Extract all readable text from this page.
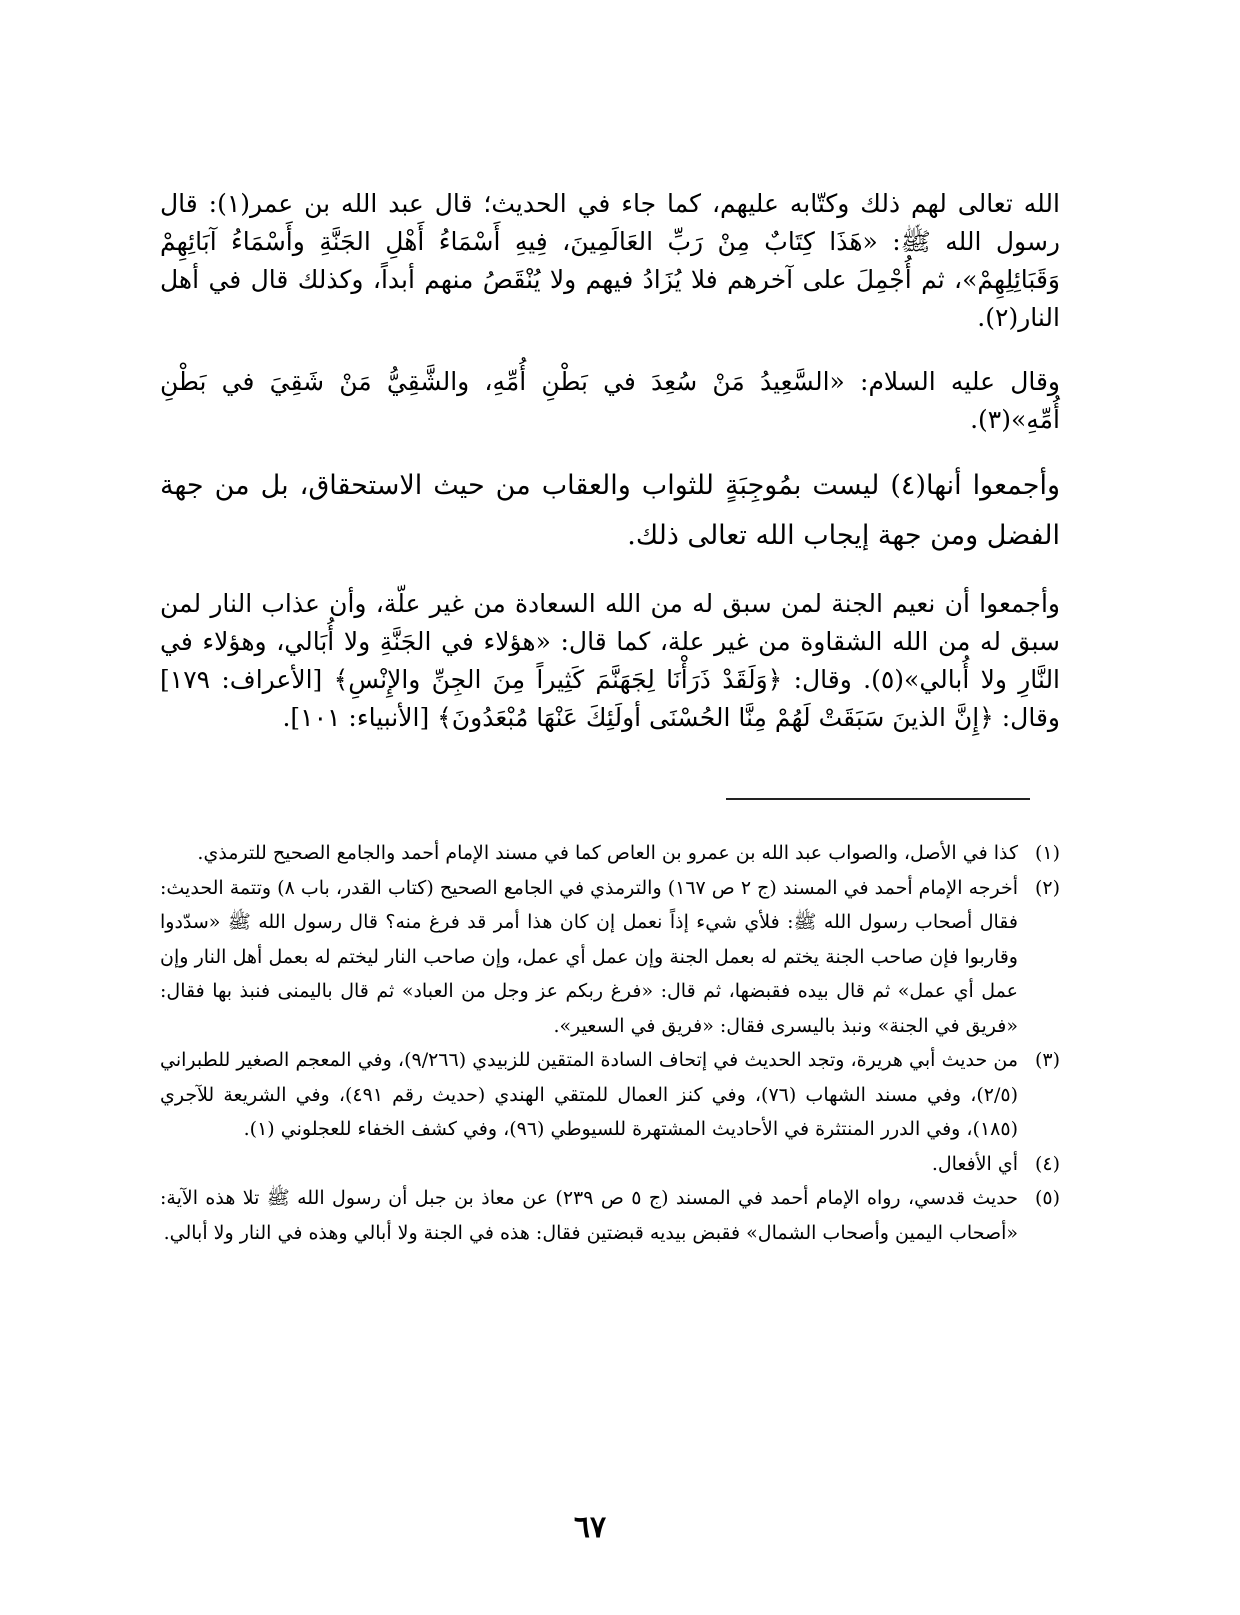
الله تعالى لهم ذلك وكتّابه عليهم، كما جاء في الحديث؛ قال عبد الله بن عمر(١): قال رسول الله ﷺ: «هَذَا كِتَابٌ مِنْ رَبِّ العَالَمِينَ، فِيهِ أَسْمَاءُ أَهْلِ الجَنَّةِ وأَسْمَاءُ آبَائِهِمْ وَقَبَائِلِهِمْ»، ثم أُجْمِلَ على آخرهم فلا يُزَادُ فيهم ولا يُنْقَصُ منهم أبداً، وكذلك قال في أهل النار(٢).

وقال عليه السلام: «السَّعِيدُ مَنْ سُعِدَ في بَطْنِ أُمِّهِ، والشَّقِيُّ مَنْ شَقِيَ في بَطْنِ أُمِّهِ»(٣).

وأجمعوا أنها(٤) ليست بمُوجِبَةٍ للثواب والعقاب من حيث الاستحقاق، بل من جهة الفضل ومن جهة إيجاب الله تعالى ذلك.

وأجمعوا أن نعيم الجنة لمن سبق له من الله السعادة من غير علّة، وأن عذاب النار لمن سبق له من الله الشقاوة من غير علة، كما قال: «هؤلاء في الجَنَّةِ ولا أُبَالي، وهؤلاء في النَّارِ ولا أُبالي»(٥). وقال: ﴿وَلَقَدْ ذَرَأْنَا لِجَهَنَّمَ كَثِيراً مِنَ الجِنِّ والإِنْسِ﴾ [الأعراف: ١٧٩] وقال: ﴿إِنَّ الذينَ سَبَقَتْ لَهُمْ مِنَّا الحُسْنَى أولَئِكَ عَنْهَا مُبْعَدُونَ﴾ [الأنبياء: ١٠١].

(١)
كذا في الأصل، والصواب عبد الله بن عمرو بن العاص كما في مسند الإمام أحمد والجامع الصحيح للترمذي.

(٢)
أخرجه الإمام أحمد في المسند (ج ٢ ص ١٦٧) والترمذي في الجامع الصحيح (كتاب القدر، باب ٨) وتتمة الحديث: فقال أصحاب رسول الله ﷺ: فلأي شيء إذاً نعمل إن كان هذا أمر قد فرغ منه؟ قال رسول الله ﷺ «سدّدوا وقاربوا فإن صاحب الجنة يختم له بعمل الجنة وإن عمل أي عمل، وإن صاحب النار ليختم له بعمل أهل النار وإن عمل أي عمل» ثم قال بيده فقبضها، ثم قال: «فرغ ربكم عز وجل من العباد» ثم قال باليمنى فنبذ بها فقال: «فريق في الجنة» ونبذ باليسرى فقال: «فريق في السعير».

(٣)
من حديث أبي هريرة، وتجد الحديث في إتحاف السادة المتقين للزبيدي (٩/٢٦٦)، وفي المعجم الصغير للطبراني (٢/٥)، وفي مسند الشهاب (٧٦)، وفي كنز العمال للمتقي الهندي (حديث رقم ٤٩١)، وفي الشريعة للآجري (١٨٥)، وفي الدرر المنتثرة في الأحاديث المشتهرة للسيوطي (٩٦)، وفي كشف الخفاء للعجلوني (١).

(٤)
أي الأفعال.

(٥)
حديث قدسي، رواه الإمام أحمد في المسند (ج ٥ ص ٢٣٩) عن معاذ بن جبل أن رسول الله ﷺ تلا هذه الآية: «أصحاب اليمين وأصحاب الشمال» فقبض بيديه قبضتين فقال: هذه في الجنة ولا أبالي وهذه في النار ولا أبالي.

٦٧
